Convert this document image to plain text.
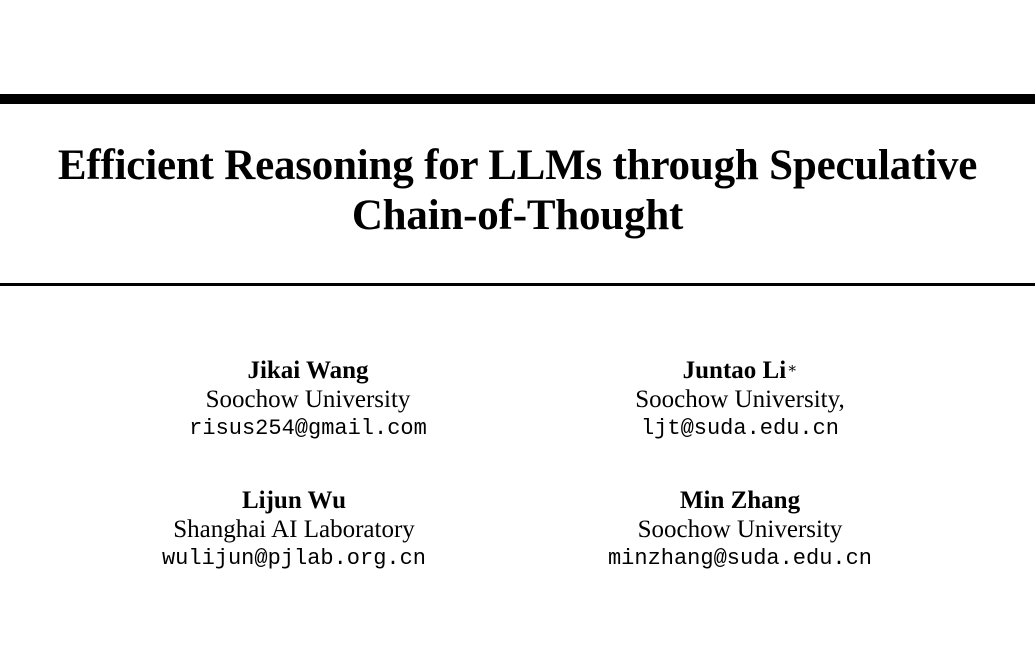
Efficient Reasoning for LLMs through Speculative
Chain-of-Thought
Jikai Wang
Soochow University
risus254@gmail.com
Juntao Li∗
Soochow University,
ljt@suda.edu.cn
Lijun Wu
Shanghai AI Laboratory
wulijun@pjlab.org.cn
Min Zhang
Soochow University
minzhang@suda.edu.cn
